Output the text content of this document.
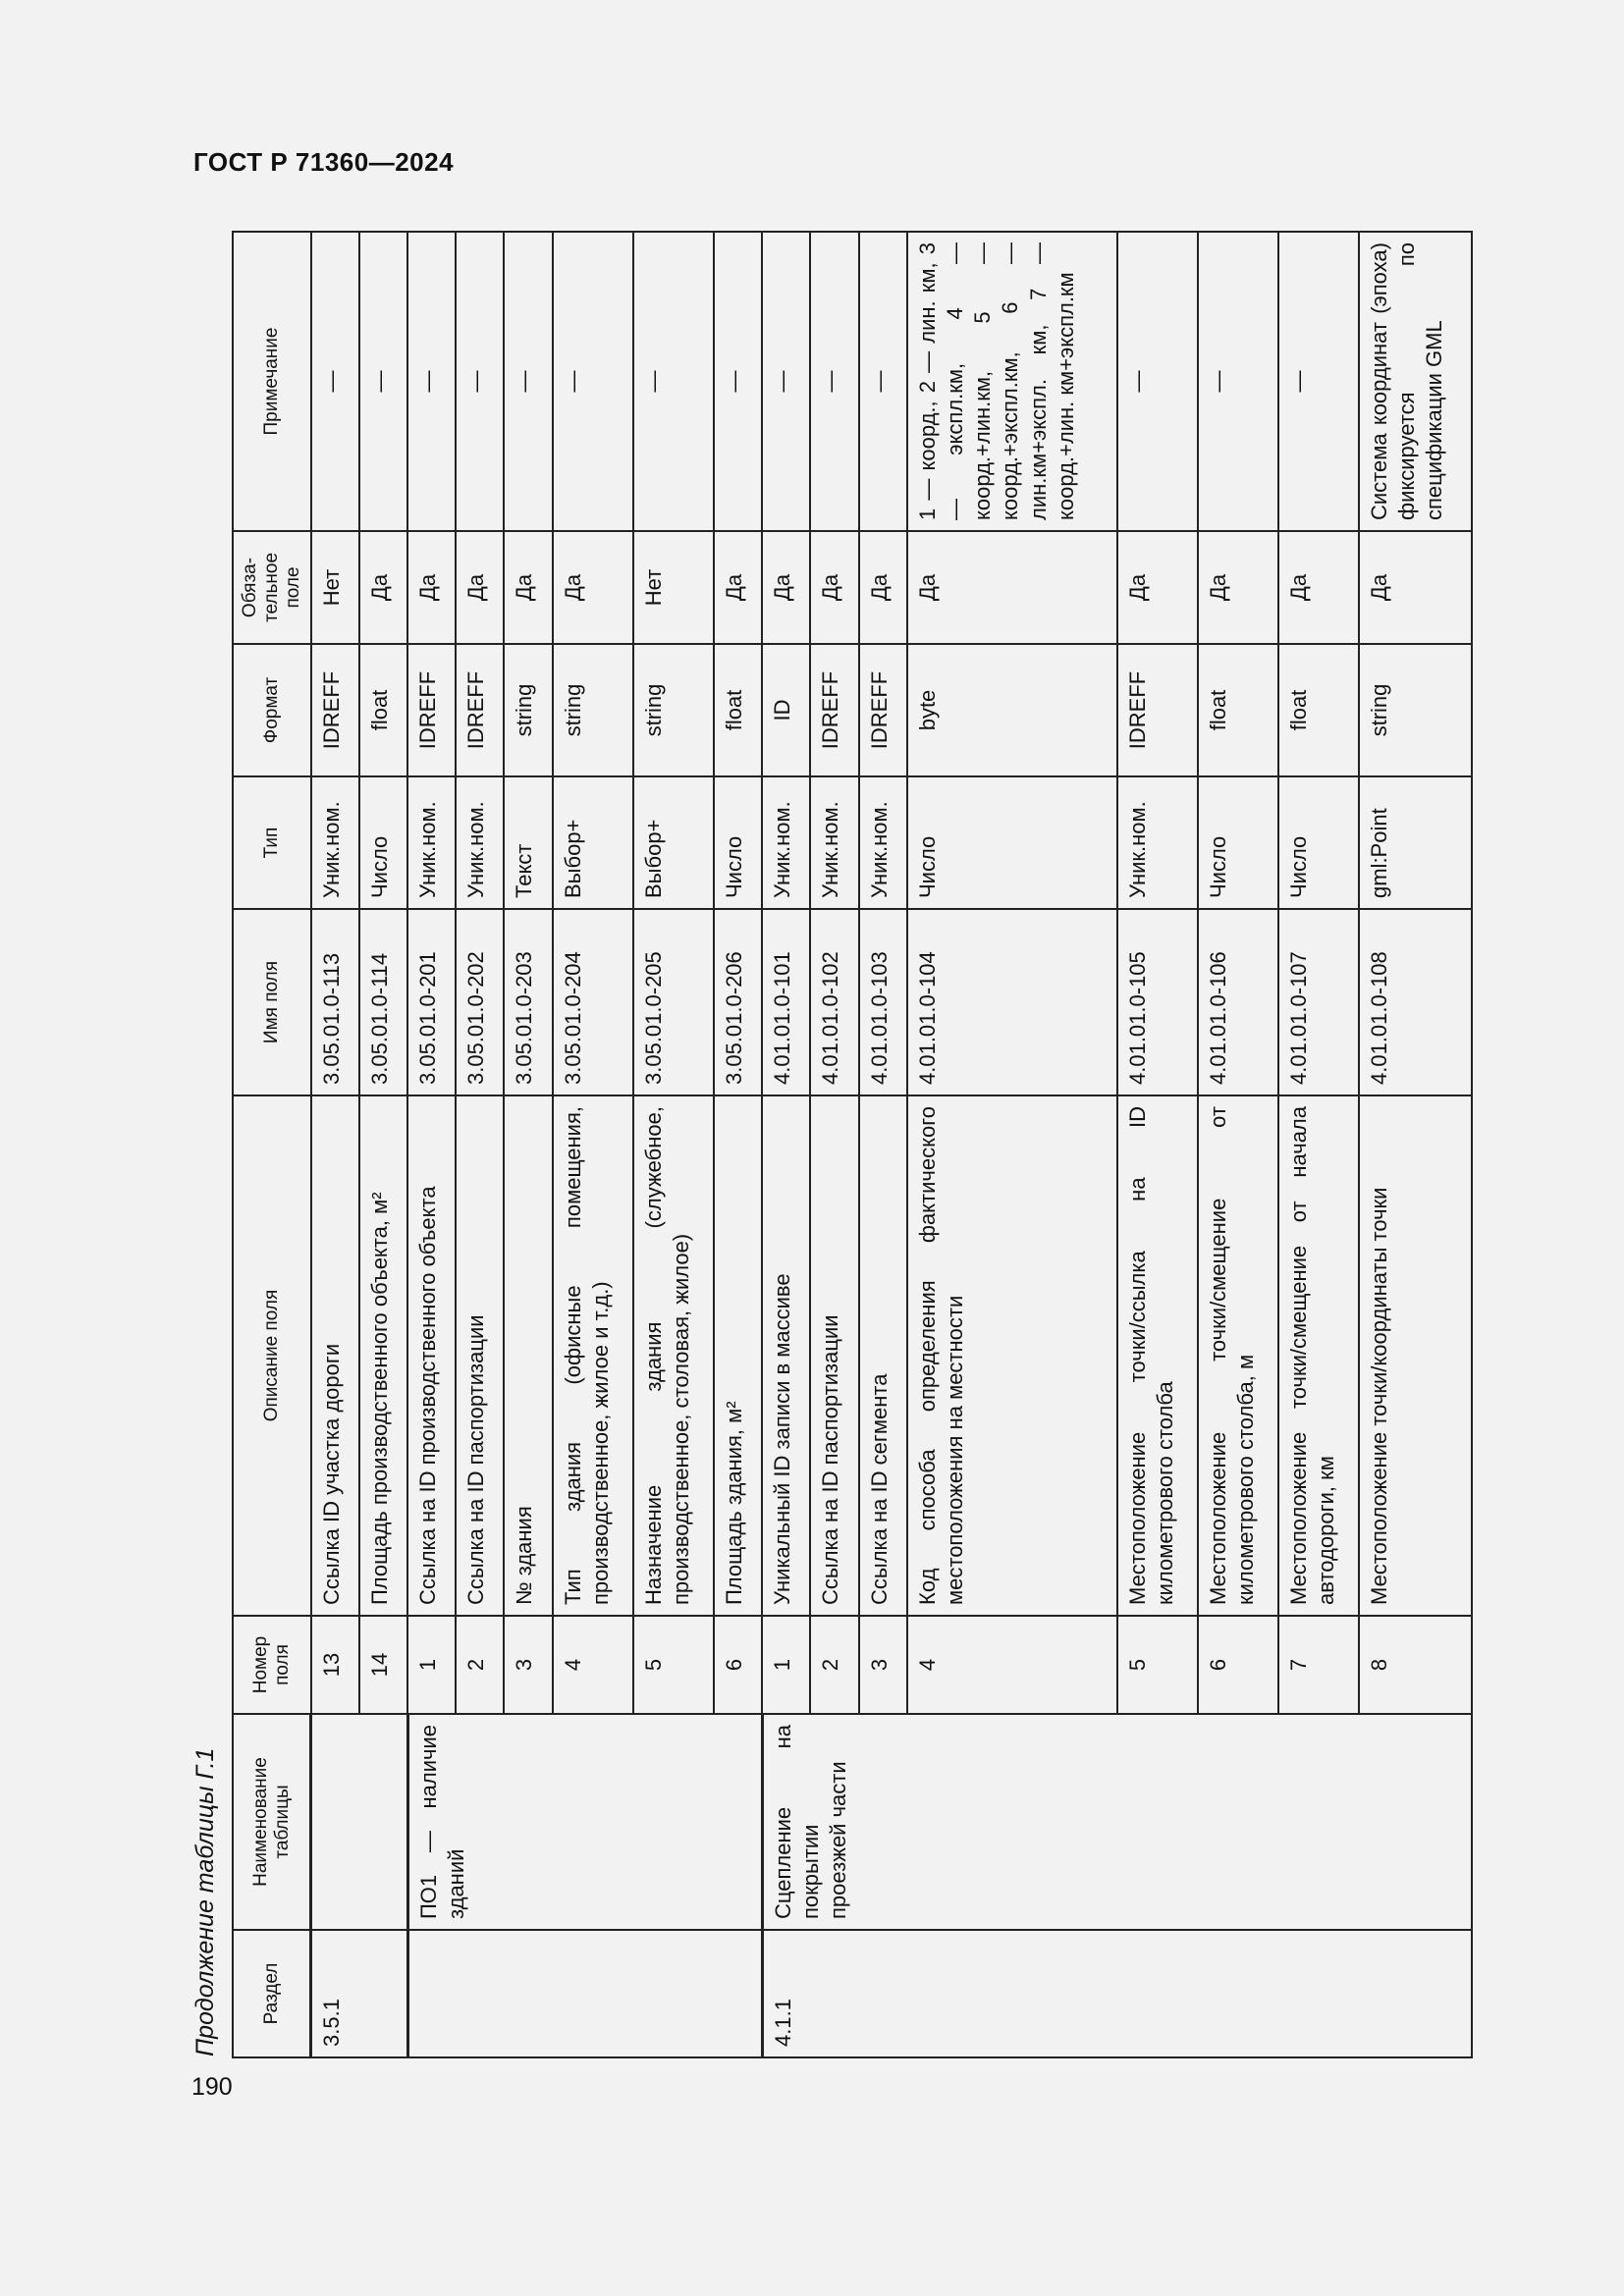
ГОСТ Р 71360—2024
190
Продолжение таблицы Г.1 Раздел	Наименование таблицы	Номер поля	Описание поля	Имя поля	Тип	Формат	Обяза-тельное поле	Примечание
3.5.1		13	Ссылка ID участка дороги	3.05.01.0-113	Уник.ном.	IDREFF	Нет	—
		14	Площадь производственного объекта, м²	3.05.01.0-114	Число	float	Да	—
	ПО1 — наличие зданий	1	Ссылка на ID производственного объекта	3.05.01.0-201	Уник.ном.	IDREFF	Да	—
		2	Ссылка на ID паспортизации	3.05.01.0-202	Уник.ном.	IDREFF	Да	—
		3	№ здания	3.05.01.0-203	Текст	string	Да	—
		4	Тип здания (офисные помещения, производственное, жилое и т.д.)	3.05.01.0-204	Выбор+	string	Да	—
		5	Назначение здания (служебное, производственное, столовая, жилое)	3.05.01.0-205	Выбор+	string	Нет	—
		6	Площадь здания, м²	3.05.01.0-206	Число	float	Да	—
4.1.1	Сцепление на покрытии проезжей части	1	Уникальный ID записи в массиве	4.01.01.0-101	Уник.ном.	ID	Да	—
		2	Ссылка на ID паспортизации	4.01.01.0-102	Уник.ном.	IDREFF	Да	—
		3	Ссылка на ID сегмента	4.01.01.0-103	Уник.ном.	IDREFF	Да	—
		4	Код способа определения фактического местоположения на местности	4.01.01.0-104	Число	byte	Да	1 — коорд., 2 — лин. км, 3 — экспл.км, 4 — коорд.+лин.км, 5 — коорд.+экспл.км, 6 — лин.км+экспл. км, 7 — коорд.+лин. км+экспл.км
		5	Местоположение точки/ссылка на ID километрового столба	4.01.01.0-105	Уник.ном.	IDREFF	Да	—
		6	Местоположение точки/смещение от километрового столба, м	4.01.01.0-106	Число	float	Да	—
		7	Местоположение точки/смещение от начала автодороги, км	4.01.01.0-107	Число	float	Да	—
		8	Местоположение точки/координаты точки	4.01.01.0-108	gml:Point	string	Да	Система координат (эпоха) фиксируется по спецификации GML
